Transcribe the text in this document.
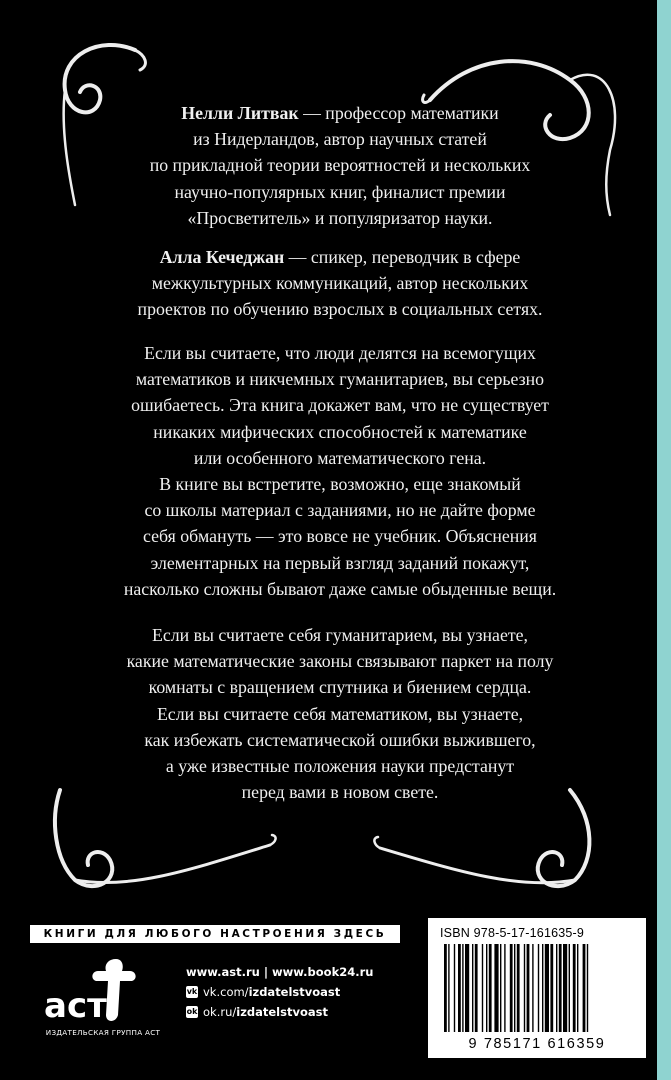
Нелли Литвак — профессор математики

из Нидерландов, автор научных статей

по прикладной теории вероятностей и нескольких

научно-популярных книг, финалист премии

«Просветитель» и популяризатор науки.

Алла Кечеджан — спикер, переводчик в сфере

межкультурных коммуникаций, автор нескольких

проектов по обучению взрослых в социальных сетях.

Если вы считаете, что люди делятся на всемогущих

математиков и никчемных гуманитариев, вы серьезно

ошибаетесь. Эта книга докажет вам, что не существует

никаких мифических способностей к математике

или особенного математического гена.

В книге вы встретите, возможно, еще знакомый

со школы материал с заданиями, но не дайте форме

себя обмануть — это вовсе не учебник. Объяснения

элементарных на первый взгляд заданий покажут,

насколько сложны бывают даже самые обыденные вещи.

Если вы считаете себя гуманитарием, вы узнаете,

какие математические законы связывают паркет на полу

комнаты с вращением спутника и биением сердца.

Если вы считаете себя математиком, вы узнаете,

как избежать систематической ошибки выжившего,

а уже известные положения науки предстанут

перед вами в новом свете.

КНИГИ ДЛЯ ЛЮБОГО НАСТРОЕНИЯ ЗДЕСЬ
аст
ИЗДАТЕЛЬСКАЯ ГРУППА АСТ
www.ast.ru | www.book24.ru
vk vk.com/ izdatelstvoast
ok ok.ru/ izdatelstvoast
ISBN 978-5-17-161635-9
9 785171 616359
